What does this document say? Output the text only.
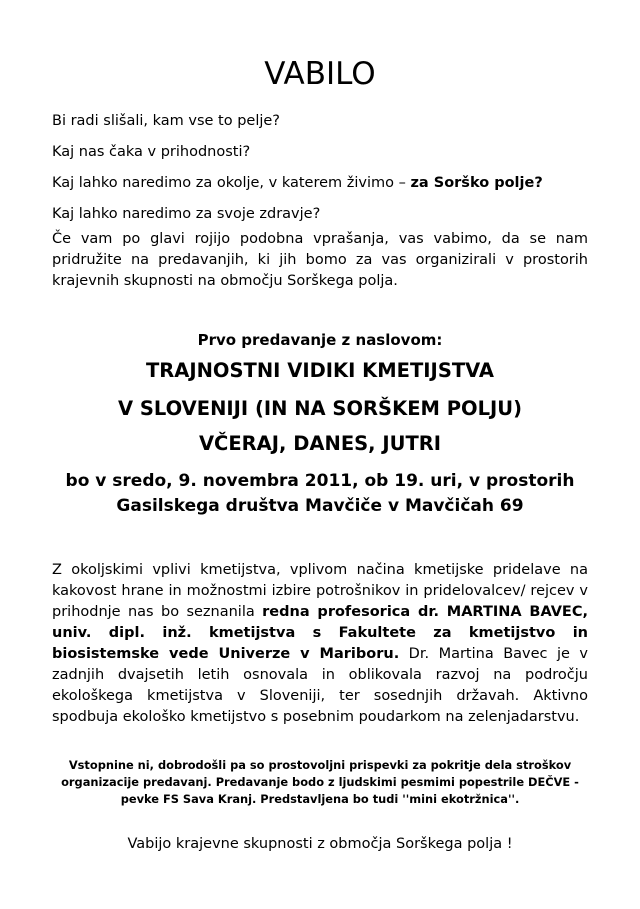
VABILO
Bi radi slišali, kam vse to pelje?
Kaj nas čaka v prihodnosti?
Kaj lahko naredimo za okolje, v katerem živimo – za Sorško polje?
Kaj lahko naredimo za svoje zdravje?

Če vam po glavi rojijo podobna vprašanja, vas vabimo, da se nam pridružite na predavanjih, ki jih bomo za vas organizirali v prostorih krajevnih skupnosti na območju Sorškega polja.

Prvo predavanje z naslovom:
TRAJNOSTNI VIDIKI KMETIJSTVA
V SLOVENIJI (IN NA SORŠKEM POLJU)
VČERAJ, DANES, JUTRI
bo v sredo, 9. novembra 2011, ob 19. uri, v prostorih
Gasilskega društva Mavčiče v Mavčičah 69

Z okoljskimi vplivi kmetijstva, vplivom načina kmetijske pridelave na kakovost hrane in možnostmi izbire potrošnikov in pridelovalcev/ rejcev v prihodnje nas bo seznanila redna profesorica dr. MARTINA BAVEC, univ. dipl. inž. kmetijstva s Fakultete za kmetijstvo in biosistemske vede Univerze v Mariboru. Dr. Martina Bavec je v zadnjih dvajsetih letih osnovala in oblikovala razvoj na področju ekološkega kmetijstva v Sloveniji, ter sosednjih državah. Aktivno spodbuja ekološko kmetijstvo s posebnim poudarkom na zelenjadarstvu.

Vstopnine ni, dobrodošli pa so prostovoljni prispevki za pokritje dela stroškov organizacije predavanj. Predavanje bodo z ljudskimi pesmimi popestrile DEČVE - pevke FS Sava Kranj. Predstavljena bo tudi ''mini ekotržnica''.

Vabijo krajevne skupnosti z območja Sorškega polja !
